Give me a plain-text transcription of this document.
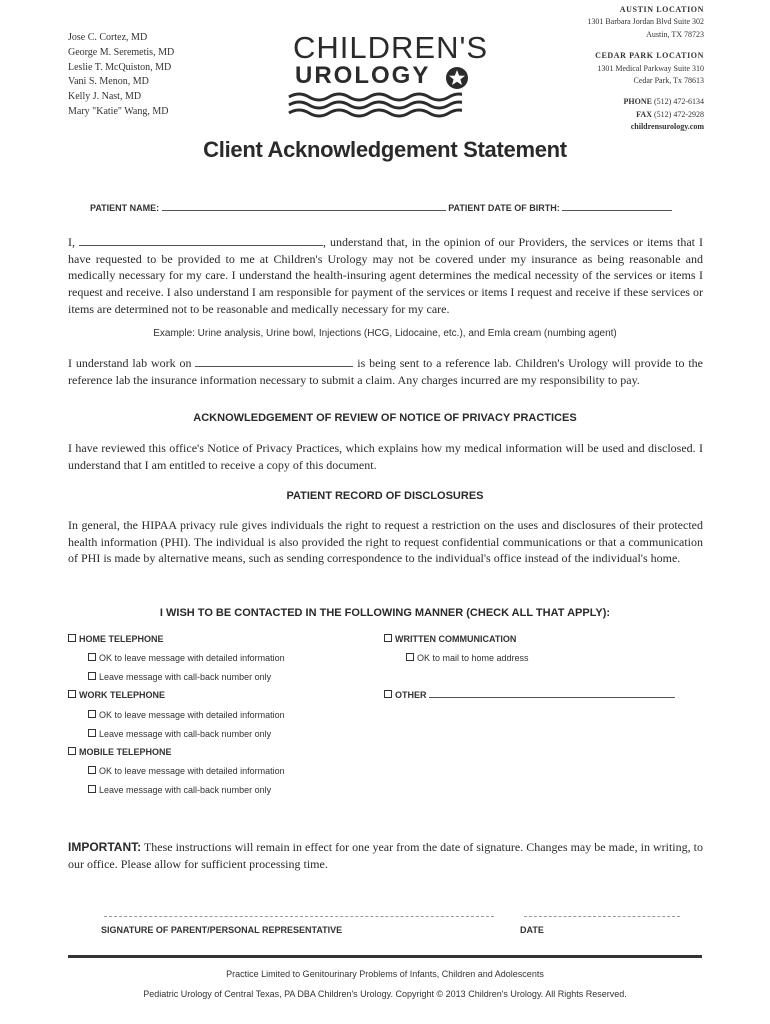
Jose C. Cortez, MD
George M. Seremetis, MD
Leslie T. McQuiston, MD
Vani S. Menon, MD
Kelly J. Nast, MD
Mary "Katie" Wang, MD
CHILDREN'S
UROLOGY
AUSTIN LOCATION
1301 Barbara Jordan Blvd Suite 302
Austin, TX 78723
CEDAR PARK LOCATION
1301 Medical Parkway Suite 310
Cedar Park, Tx 78613
PHONE (512) 472-6134
FAX (512) 472-2928
childrensurology.com
Client Acknowledgement Statement
PATIENT NAME:	PATIENT DATE OF BIRTH:
I,	, understand that, in the opinion of our Providers, the services or items that I have requested to be provided to me at Children's Urology may not be covered under my insurance as being reasonable and medically necessary for my care. I understand the health-insuring agent determines the medical necessity of the services or items I request and receive. I also understand I am responsible for payment of the services or items I request and receive if these services or items are determined not to be reasonable and medically necessary for my care.
Example: Urine analysis, Urine bowl, Injections (HCG, Lidocaine, etc.), and Emla cream (numbing agent)
I understand lab work on	is being sent to a reference lab. Children's Urology will provide to the reference lab the insurance information necessary to submit a claim. Any charges incurred are my responsibility to pay.
ACKNOWLEDGEMENT OF REVIEW OF NOTICE OF PRIVACY PRACTICES
I have reviewed this office's Notice of Privacy Practices, which explains how my medical information will be used and disclosed. I understand that I am entitled to receive a copy of this document.
PATIENT RECORD OF DISCLOSURES
In general, the HIPAA privacy rule gives individuals the right to request a restriction on the uses and disclosures of their protected health information (PHI). The individual is also provided the right to request confidential communications or that a communication of PHI is made by alternative means, such as sending correspondence to the individual's office instead of the individual's home.
I WISH TO BE CONTACTED IN THE FOLLOWING MANNER (CHECK ALL THAT APPLY):
HOME TELEPHONE
OK to leave message with detailed information
Leave message with call-back number only
WORK TELEPHONE
OK to leave message with detailed information
Leave message with call-back number only
MOBILE TELEPHONE
OK to leave message with detailed information
Leave message with call-back number only
WRITTEN COMMUNICATION
OK to mail to home address
OTHER
IMPORTANT: These instructions will remain in effect for one year from the date of signature. Changes may be made, in writing, to our office. Please allow for sufficient processing time.
SIGNATURE OF PARENT/PERSONAL REPRESENTATIVE	DATE
Practice Limited to Genitourinary Problems of Infants, Children and Adolescents
Pediatric Urology of Central Texas, PA DBA Children's Urology. Copyright © 2013 Children's Urology. All Rights Reserved.
